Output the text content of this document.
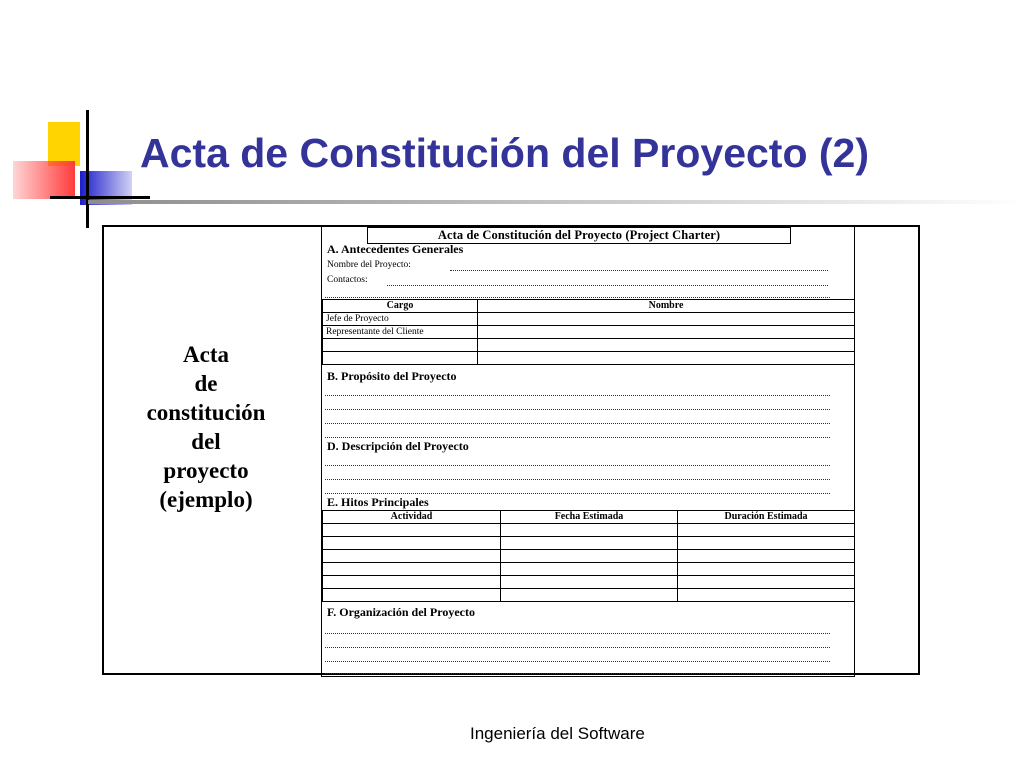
Acta de Constitución del Proyecto (2)
Acta
de
constitución
del
proyecto
(ejemplo)
Acta de Constitución del Proyecto (Project Charter)
A. Antecedentes Generales
Nombre del Proyecto:
Contactos:
Cargo	Nombre
Jefe de Proyecto	
Representante del Cliente	

B. Propósito del Proyecto
D. Descripción del Proyecto
E. Hitos Principales
Actividad	Fecha Estimada	Duración Estimada

F. Organización del Proyecto
Ingeniería del Software
